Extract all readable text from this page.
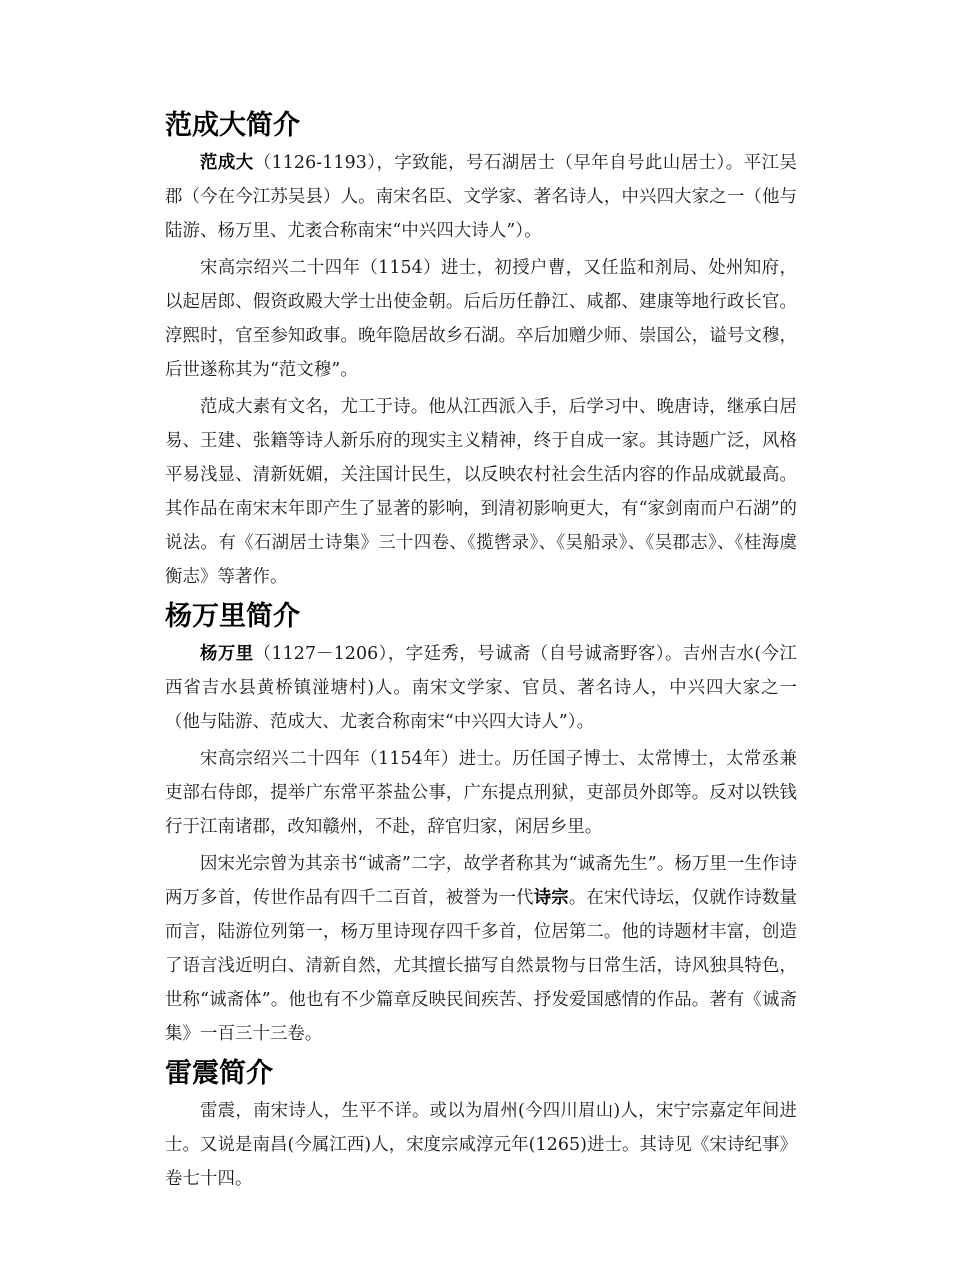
范成大简介

范成大（1126-1193），字致能，号石湖居士（早年自号此山居士）。平江吴郡（今在今江苏吴县）人。南宋名臣、文学家、著名诗人，中兴四大家之一（他与陆游、杨万里、尤袤合称南宋“中兴四大诗人”）。

宋高宗绍兴二十四年（1154）进士，初授户曹，又任监和剂局、处州知府，以起居郎、假资政殿大学士出使金朝。后后历任静江、咸都、建康等地行政长官。淳熙时，官至参知政事。晚年隐居故乡石湖。卒后加赠少师、崇国公，谥号文穆，后世遂称其为“范文穆”。

范成大素有文名，尤工于诗。他从江西派入手，后学习中、晚唐诗，继承白居易、王建、张籍等诗人新乐府的现实主义精神，终于自成一家。其诗题广泛，风格平易浅显、清新妩媚，关注国计民生，以反映农村社会生活内容的作品成就最高。其作品在南宋末年即产生了显著的影响，到清初影响更大，有“家剑南而户石湖”的说法。有《石湖居士诗集》三十四卷、《揽辔录》、《吴船录》、《吴郡志》、《桂海虞衡志》等著作。

杨万里简介

杨万里（1127－1206），字廷秀，号诚斋（自号诚斋野客）。吉州吉水(今江西省吉水县黄桥镇湴塘村)人。南宋文学家、官员、著名诗人，中兴四大家之一（他与陆游、范成大、尤袤合称南宋“中兴四大诗人”）。

宋高宗绍兴二十四年（1154年）进士。历任国子博士、太常博士，太常丞兼吏部右侍郎，提举广东常平茶盐公事，广东提点刑狱，吏部员外郎等。反对以铁钱行于江南诸郡，改知赣州，不赴，辞官归家，闲居乡里。

因宋光宗曾为其亲书“诚斋”二字，故学者称其为“诚斋先生”。杨万里一生作诗两万多首，传世作品有四千二百首，被誉为一代诗宗。在宋代诗坛，仅就作诗数量而言，陆游位列第一，杨万里诗现存四千多首，位居第二。他的诗题材丰富，创造了语言浅近明白、清新自然，尤其擅长描写自然景物与日常生活，诗风独具特色，世称“诚斋体”。他也有不少篇章反映民间疾苦、抒发爱国感情的作品。著有《诚斋集》一百三十三卷。

雷震简介

雷震，南宋诗人，生平不详。或以为眉州(今四川眉山)人，宋宁宗嘉定年间进士。又说是南昌(今属江西)人，宋度宗咸淳元年(1265)进士。其诗见《宋诗纪事》卷七十四。
